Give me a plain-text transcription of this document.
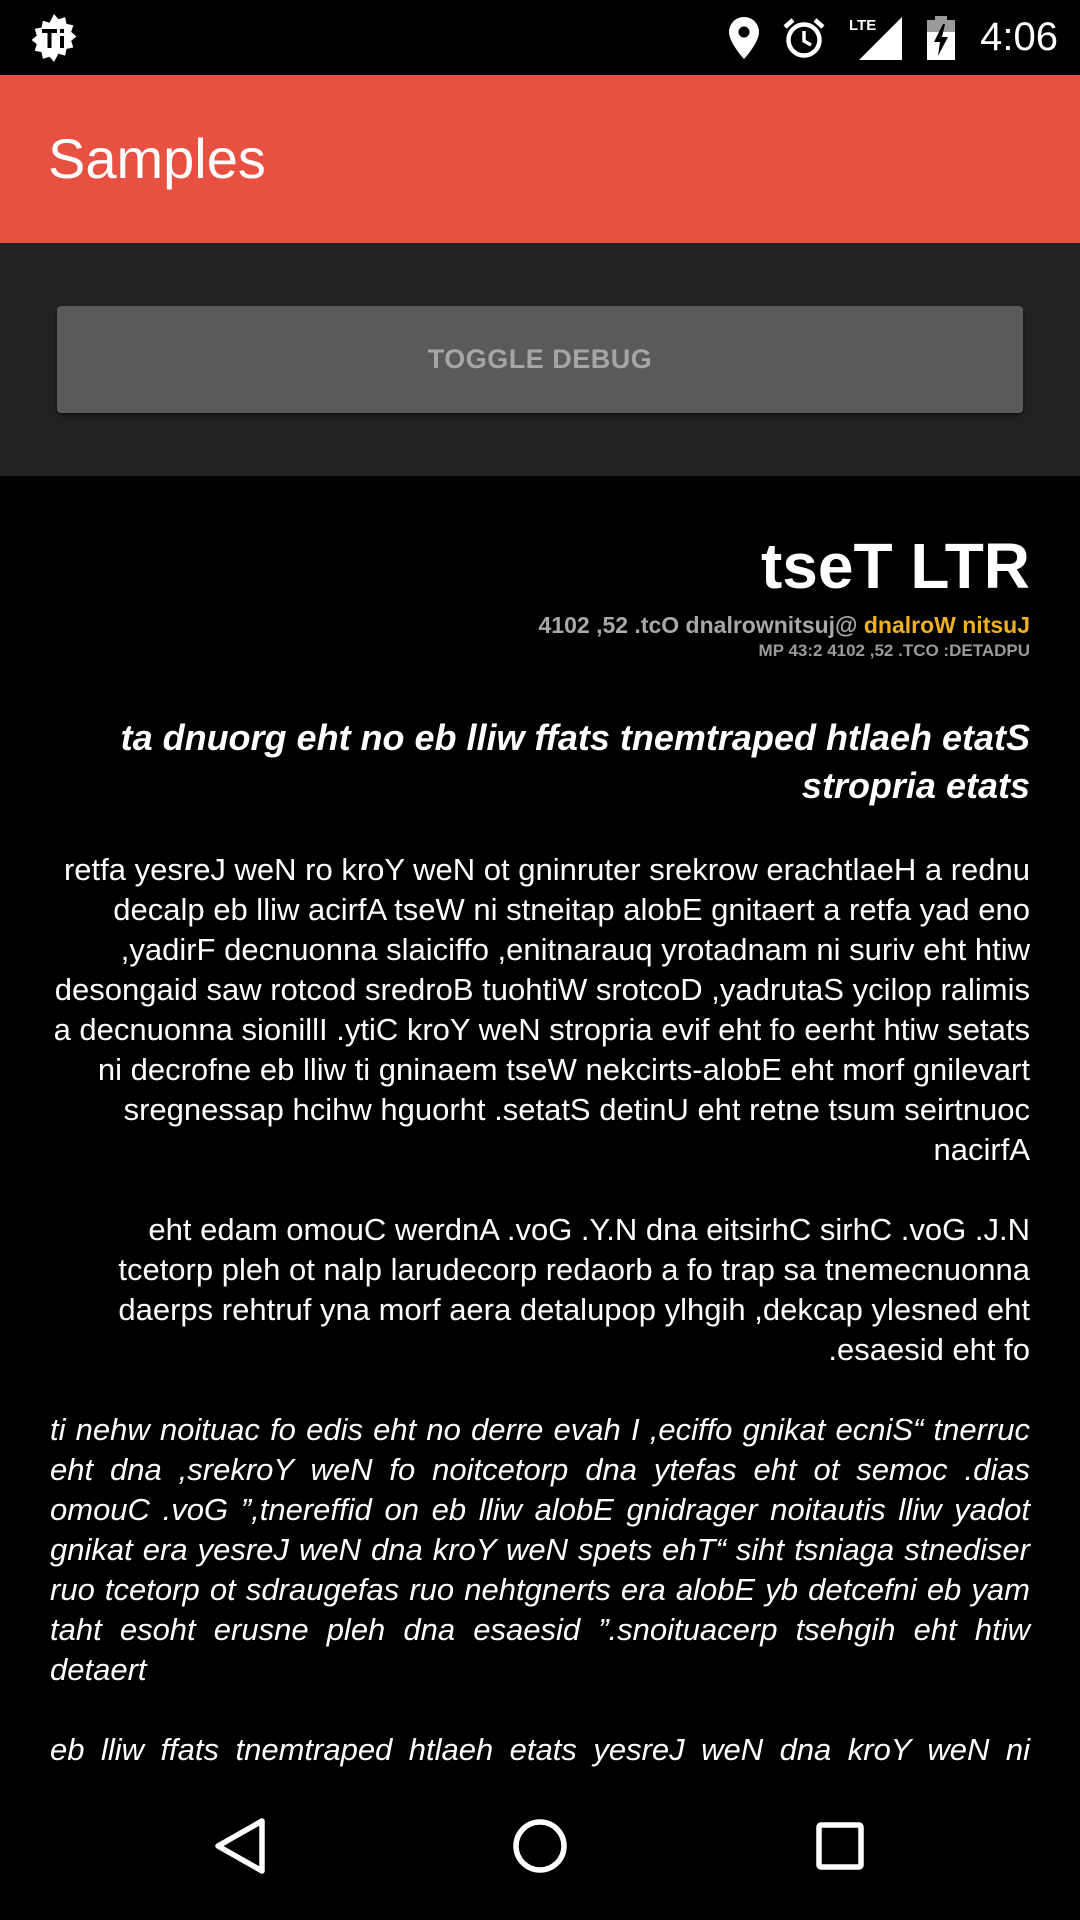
LTE	4:06
Samples
TOGGLE DEBUG
tseT LTR
4102 ,52 .tcO dnalrownitsuj@ dnalroW nitsuJ
MP 43:2 4102 ,52 .TCO :DETADPU
ta dnuorg eht no eb lliw ffats tnemtraped htlaeh etatS stropria etats
retfa yesreJ weN ro kroY weN ot gninruter srekrow erachtlaeH a rednu decalp eb lliw acirfA tseW ni stneitap alobE gnitaert a retfa yad eno ,yadirF decnuonna slaiciffo ,enitnarauq yrotadnam ni suriv eht htiw desongaid saw rotcod sredroB tuohtiW srotcoD ,yadrutaS ycilop ralimis a decnuonna sionillI .ytiC kroY weN stropria evif eht fo eerht htiw setats ni decrofne eb lliw ti gninaem tseW nekcirts-alobE eht morf gnilevart sregnessap hcihw hguorht .setatS detinU eht retne tsum seirtnuoc nacirfA
eht edam omouC werdnA .voG .Y.N dna eitsirhC sirhC .voG .J.N tcetorp pleh ot nalp larudecorp redaorb a fo trap sa tnemecnuonna daerps rehtruf yna morf aera detalupop ylhgih ,dekcap ylesned eht .esaesid eht fo
ti nehw noituac fo edis eht no derre evah I ,eciffo gnikat ecniS“ tnerruc eht dna ,srekroY weN fo noitcetorp dna ytefas eht ot semoc .dias omouC .voG ”,tnereffid on eb lliw alobE gnidrager noitautis lliw yadot gnikat era yesreJ weN dna kroY weN spets ehT“ siht tsniaga stnediser ruo tcetorp ot sdraugefas ruo nehtgnerts era alobE yb detcefni eb yam taht esoht erusne pleh dna esaesid ”.snoituacerp tsehgih eht htiw detaert
eb lliw ffats tnemtraped htlaeh etats yesreJ weN dna kroY weN ni
